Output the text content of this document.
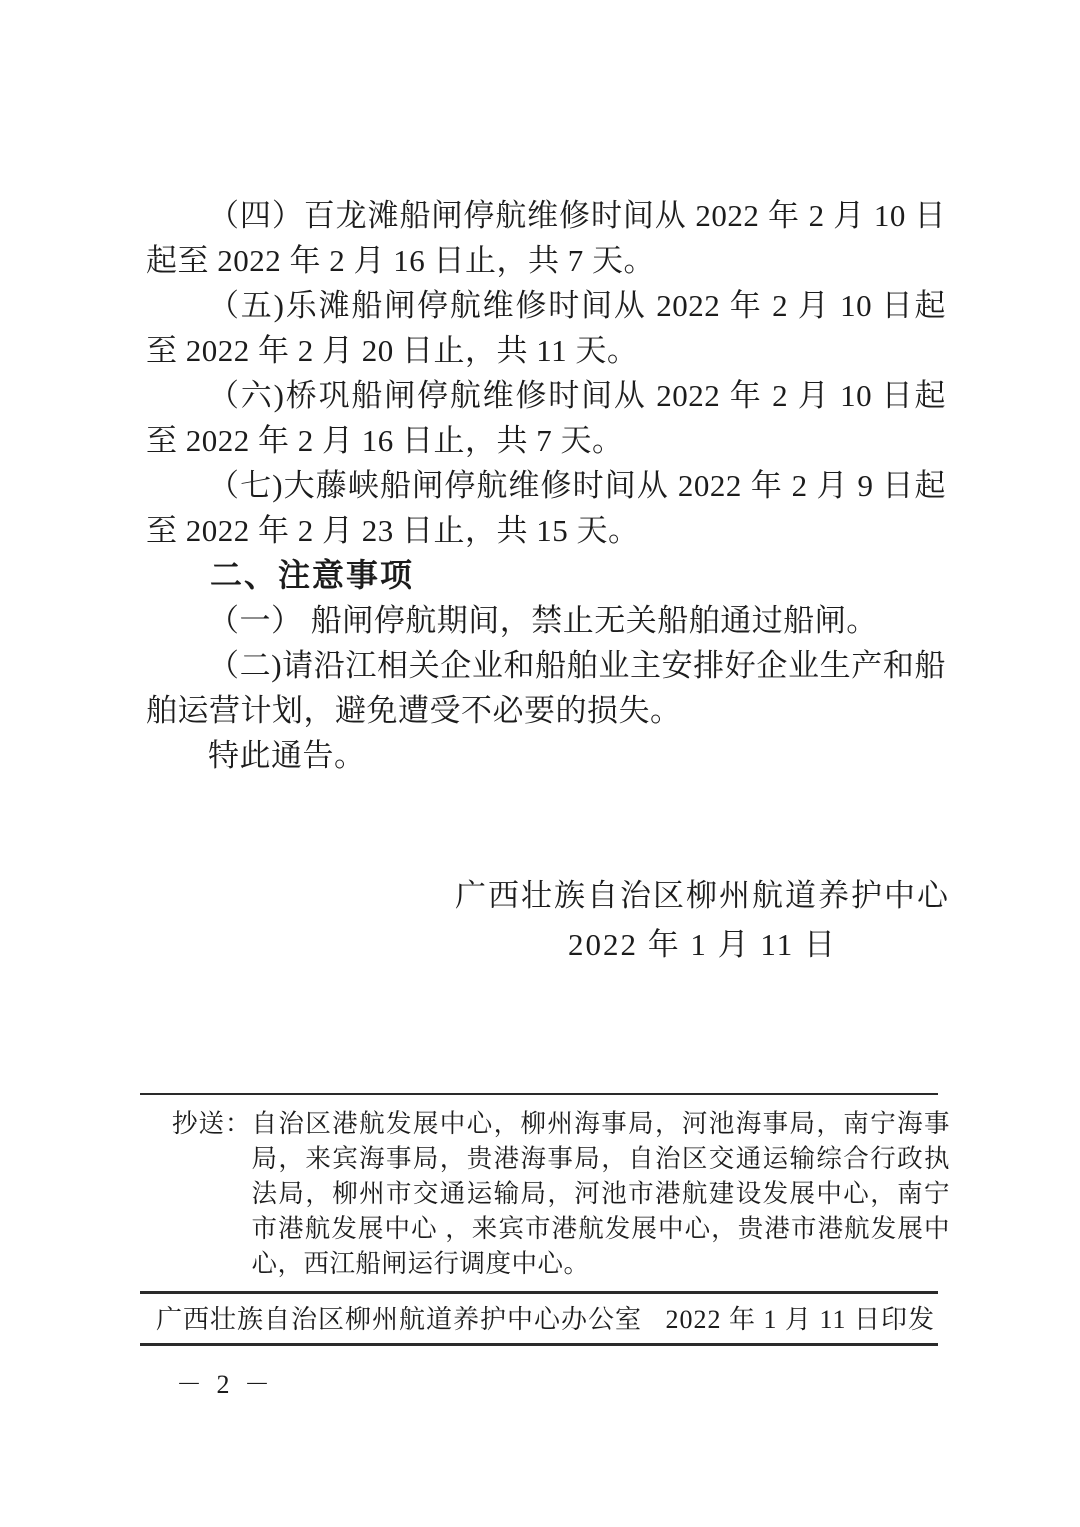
（四）百龙滩船闸停航维修时间从 2022 年 2 月 10 日起至 2022 年 2 月 16 日止，共 7 天。

（五)乐滩船闸停航维修时间从 2022 年 2 月 10 日起至 2022 年 2 月 20 日止，共 11 天。

（六)桥巩船闸停航维修时间从 2022 年 2 月 10 日起至 2022 年 2 月 16 日止，共 7 天。

（七)大藤峡船闸停航维修时间从 2022 年 2 月 9 日起至 2022 年 2 月 23 日止，共 15 天。

二、注意事项

（一） 船闸停航期间，禁止无关船舶通过船闸。

（二)请沿江相关企业和船舶业主安排好企业生产和船舶运营计划，避免遭受不必要的损失。

特此通告。

广西壮族自治区柳州航道养护中心
2022 年 1 月 11 日
抄送： 自治区港航发展中心，柳州海事局，河池海事局，南宁海事局，来宾海事局，贵港海事局，自治区交通运输综合行政执法局，柳州市交通运输局，河池市港航建设发展中心，南宁市港航发展中心 ，来宾市港航发展中心，贵港市港航发展中心，西江船闸运行调度中心。
广西壮族自治区柳州航道养护中心办公室 2022 年 1 月 11 日印发
－ 2 －
